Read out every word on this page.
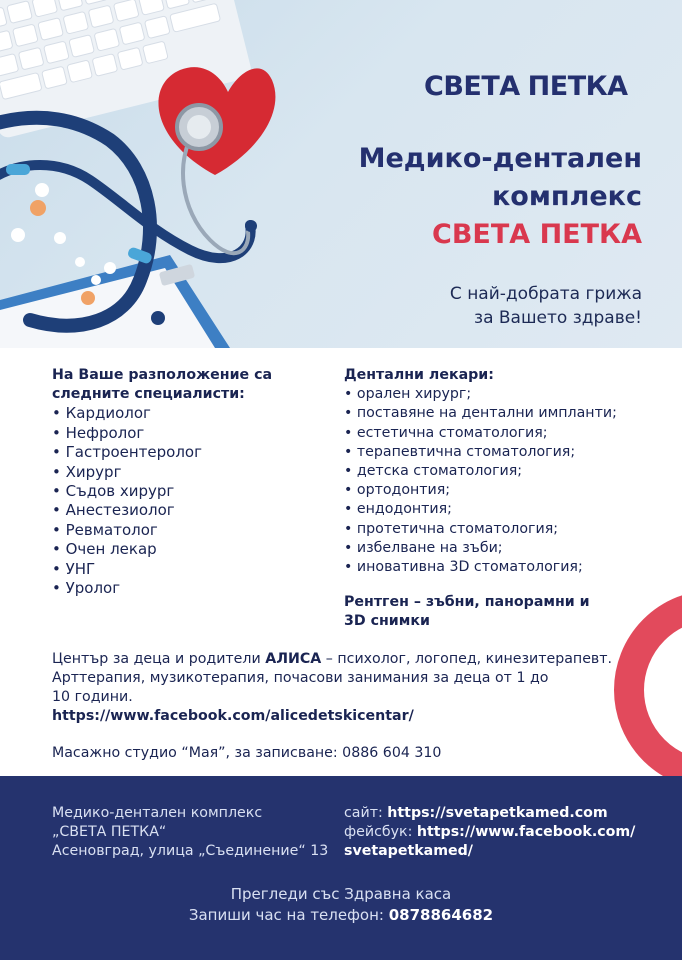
СВЕТА ПЕТКА
Медико-дентален
комплекс
СВЕТА ПЕТКА
С най-добрата грижа
за Вашето здраве!
На Ваше разположение са
следните специалисти:
• Кардиолог
• Нефролог
• Гастроентеролог
• Хирург
• Съдов хирург
• Анестезиолог
• Ревматолог
• Очен лекар
• УНГ
• Уролог
Дентални лекари:
• орален хирург;
• поставяне на дентални импланти;
• естетична стоматология;
• терапевтична стоматология;
• детска стоматология;
• ортодонтия;
• ендодонтия;
• протетична стоматология;
• избелване на зъби;
• иновативна 3D стоматология;
Рентген – зъбни, панорамни и
3D снимки

Център за деца и родители АЛИСА – психолог, логопед, кинезитерапевт.

Арттерапия, музикотерапия, почасови занимания за деца от 1 до

10 години.

https://www.facebook.com/alicedetskicentar/

Масажно студио “Мая”, за записване: 0886 604 310
Медико-дентален комплекс
„СВЕТА ПЕТКА“
Асеновград, улица „Съединение“ 13
сайт: https://svetapetkamed.com
фейсбук: https://www.facebook.com/
svetapetkamed/
Прегледи със Здравна каса
Запиши час на телефон: 0878864682
